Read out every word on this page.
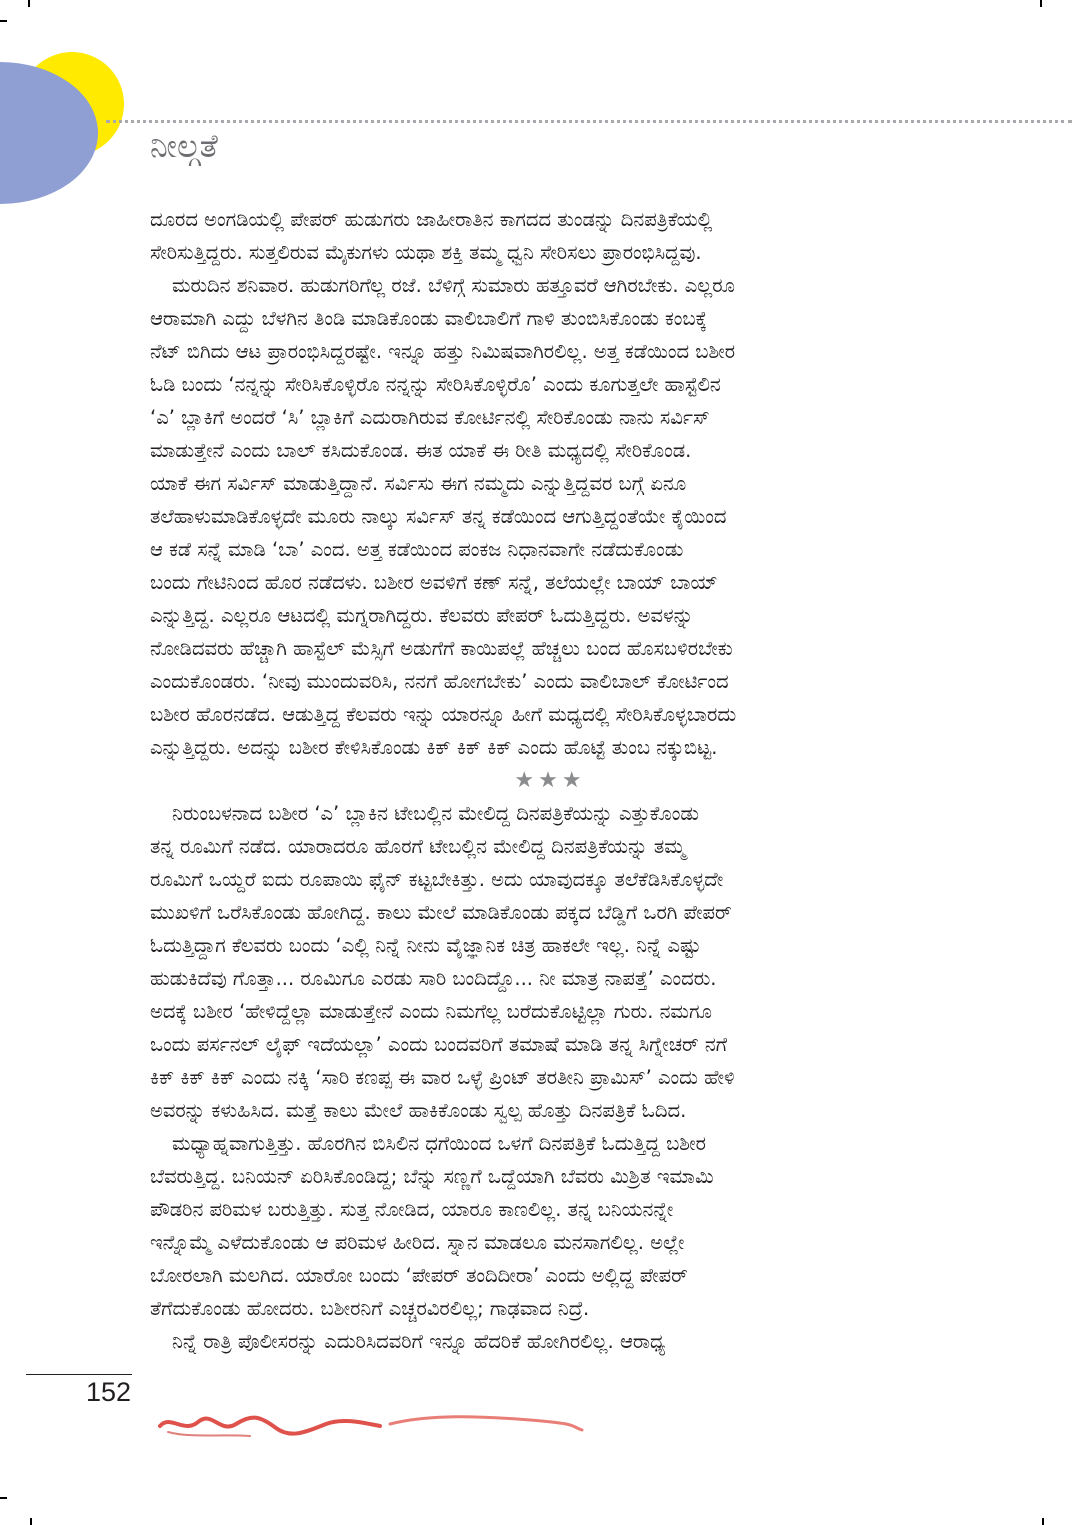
ನೀಲ್ಗತೆ
ದೂರದ ಅಂಗಡಿಯಲ್ಲಿ ಪೇಪರ್ ಹುಡುಗರು ಜಾಹೀರಾತಿನ ಕಾಗದದ ತುಂಡನ್ನು ದಿನಪತ್ರಿಕೆಯಲ್ಲಿ
ಸೇರಿಸುತ್ತಿದ್ದರು. ಸುತ್ತಲಿರುವ ಮೈಕುಗಳು ಯಥಾ ಶಕ್ತಿ ತಮ್ಮ ಧ್ವನಿ ಸೇರಿಸಲು ಪ್ರಾರಂಭಿಸಿದ್ದವು.
ಮರುದಿನ ಶನಿವಾರ. ಹುಡುಗರಿಗೆಲ್ಲ ರಜೆ. ಬೆಳಿಗ್ಗೆ ಸುಮಾರು ಹತ್ತೂವರೆ ಆಗಿರಬೇಕು. ಎಲ್ಲರೂ
ಆರಾಮಾಗಿ ಎದ್ದು ಬೆಳಗಿನ ತಿಂಡಿ ಮಾಡಿಕೊಂಡು ವಾಲಿಬಾಲಿಗೆ ಗಾಳಿ ತುಂಬಿಸಿಕೊಂಡು ಕಂಬಕ್ಕೆ
ನೆಟ್ ಬಿಗಿದು ಆಟ ಪ್ರಾರಂಭಿಸಿದ್ದರಷ್ಟೇ. ಇನ್ನೂ ಹತ್ತು ನಿಮಿಷವಾಗಿರಲಿಲ್ಲ. ಅತ್ತ ಕಡೆಯಿಂದ ಬಶೀರ
ಓಡಿ ಬಂದು ‘ನನ್ನನ್ನು ಸೇರಿಸಿಕೊಳ್ಳಿರೊ ನನ್ನನ್ನು ಸೇರಿಸಿಕೊಳ್ಳಿರೊ’ ಎಂದು ಕೂಗುತ್ತಲೇ ಹಾಸ್ಟೆಲಿನ
‘ಎ’ ಬ್ಲಾಕಿಗೆ ಅಂದರೆ ‘ಸಿ’ ಬ್ಲಾಕಿಗೆ ಎದುರಾಗಿರುವ ಕೋರ್ಟಿನಲ್ಲಿ ಸೇರಿಕೊಂಡು ನಾನು ಸರ್ವಿಸ್
ಮಾಡುತ್ತೇನೆ ಎಂದು ಬಾಲ್ ಕಸಿದುಕೊಂಡ. ಈತ ಯಾಕೆ ಈ ರೀತಿ ಮಧ್ಯದಲ್ಲಿ ಸೇರಿಕೊಂಡ.
ಯಾಕೆ ಈಗ ಸರ್ವಿಸ್ ಮಾಡುತ್ತಿದ್ದಾನೆ. ಸರ್ವಿಸು ಈಗ ನಮ್ಮದು ಎನ್ನುತ್ತಿದ್ದವರ ಬಗ್ಗೆ ಏನೂ
ತಲೆಹಾಳುಮಾಡಿಕೊಳ್ಳದೇ ಮೂರು ನಾಲ್ಕು ಸರ್ವಿಸ್ ತನ್ನ ಕಡೆಯಿಂದ ಆಗುತ್ತಿದ್ದಂತೆಯೇ ಕೈಯಿಂದ
ಆ ಕಡೆ ಸನ್ನೆ ಮಾಡಿ ‘ಬಾ’ ಎಂದ. ಅತ್ತ ಕಡೆಯಿಂದ ಪಂಕಜ ನಿಧಾನವಾಗೇ ನಡೆದುಕೊಂಡು
ಬಂದು ಗೇಟಿನಿಂದ ಹೊರ ನಡೆದಳು. ಬಶೀರ ಅವಳಿಗೆ ಕಣ್ ಸನ್ನೆ, ತಲೆಯಲ್ಲೇ ಬಾಯ್ ಬಾಯ್
ಎನ್ನುತ್ತಿದ್ದ. ಎಲ್ಲರೂ ಆಟದಲ್ಲಿ ಮಗ್ನರಾಗಿದ್ದರು. ಕೆಲವರು ಪೇಪರ್ ಓದುತ್ತಿದ್ದರು. ಅವಳನ್ನು
ನೋಡಿದವರು ಹೆಚ್ಚಾಗಿ ಹಾಸ್ಟೆಲ್ ಮೆಸ್ಸಿಗೆ ಅಡುಗೆಗೆ ಕಾಯಿಪಲ್ಲೆ ಹೆಚ್ಚಲು ಬಂದ ಹೊಸಬಳಿರಬೇಕು
ಎಂದುಕೊಂಡರು. ‘ನೀವು ಮುಂದುವರಿಸಿ, ನನಗೆ ಹೋಗಬೇಕು’ ಎಂದು ವಾಲಿಬಾಲ್ ಕೋರ್ಟಿಂದ
ಬಶೀರ ಹೊರನಡೆದ. ಆಡುತ್ತಿದ್ದ ಕೆಲವರು ಇನ್ನು ಯಾರನ್ನೂ ಹೀಗೆ ಮಧ್ಯದಲ್ಲಿ ಸೇರಿಸಿಕೊಳ್ಳಬಾರದು
ಎನ್ನುತ್ತಿದ್ದರು. ಅದನ್ನು ಬಶೀರ ಕೇಳಿಸಿಕೊಂಡು ಕಿಕ್ ಕಿಕ್ ಕಿಕ್ ಎಂದು ಹೊಟ್ಟೆ ತುಂಬ ನಕ್ಕುಬಿಟ್ಟ.
★★★
ನಿರುಂಬಳನಾದ ಬಶೀರ ‘ಎ’ ಬ್ಲಾಕಿನ ಟೇಬಲ್ಲಿನ ಮೇಲಿದ್ದ ದಿನಪತ್ರಿಕೆಯನ್ನು ಎತ್ತುಕೊಂಡು
ತನ್ನ ರೂಮಿಗೆ ನಡೆದ. ಯಾರಾದರೂ ಹೊರಗೆ ಟೇಬಲ್ಲಿನ ಮೇಲಿದ್ದ ದಿನಪತ್ರಿಕೆಯನ್ನು ತಮ್ಮ
ರೂಮಿಗೆ ಒಯ್ದರೆ ಐದು ರೂಪಾಯಿ ಫೈನ್ ಕಟ್ಟಬೇಕಿತ್ತು. ಅದು ಯಾವುದಕ್ಕೂ ತಲೆಕೆಡಿಸಿಕೊಳ್ಳದೇ
ಮುಖಳಿಗೆ ಒರೆಸಿಕೊಂಡು ಹೋಗಿದ್ದ. ಕಾಲು ಮೇಲೆ ಮಾಡಿಕೊಂಡು ಪಕ್ಕದ ಬೆಡ್ಡಿಗೆ ಒರಗಿ ಪೇಪರ್
ಓದುತ್ತಿದ್ದಾಗ ಕೆಲವರು ಬಂದು ‘ಎಲ್ಲಿ ನಿನ್ನೆ ನೀನು ವೈಜ್ಞಾನಿಕ ಚಿತ್ರ ಹಾಕಲೇ ಇಲ್ಲ. ನಿನ್ನೆ ಎಷ್ಟು
ಹುಡುಕಿದೆವು ಗೊತ್ತಾ... ರೂಮಿಗೂ ಎರಡು ಸಾರಿ ಬಂದಿದ್ದೊ... ನೀ ಮಾತ್ರ ನಾಪತ್ತೆ’ ಎಂದರು.
ಅದಕ್ಕೆ ಬಶೀರ ‘ಹೇಳಿದ್ದೆಲ್ಲಾ ಮಾಡುತ್ತೇನೆ ಎಂದು ನಿಮಗೆಲ್ಲ ಬರೆದುಕೊಟ್ಟಿಲ್ಲಾ ಗುರು. ನಮಗೂ
ಒಂದು ಪರ್ಸನಲ್ ಲೈಫ್ ಇದೆಯಲ್ಲಾ’ ಎಂದು ಬಂದವರಿಗೆ ತಮಾಷೆ ಮಾಡಿ ತನ್ನ ಸಿಗ್ನೇಚರ್ ನಗೆ
ಕಿಕ್ ಕಿಕ್ ಕಿಕ್ ಎಂದು ನಕ್ಕಿ ‘ಸಾರಿ ಕಣಪ್ಪ ಈ ವಾರ ಒಳ್ಳೆ ಪ್ರಿಂಟ್ ತರತೀನಿ ಪ್ರಾಮಿಸ್’ ಎಂದು ಹೇಳಿ
ಅವರನ್ನು ಕಳುಹಿಸಿದ. ಮತ್ತೆ ಕಾಲು ಮೇಲೆ ಹಾಕಿಕೊಂಡು ಸ್ವಲ್ಪ ಹೊತ್ತು ದಿನಪತ್ರಿಕೆ ಓದಿದ.
ಮಧ್ಯಾಹ್ನವಾಗುತ್ತಿತ್ತು. ಹೊರಗಿನ ಬಿಸಿಲಿನ ಧಗೆಯಿಂದ ಒಳಗೆ ದಿನಪತ್ರಿಕೆ ಓದುತ್ತಿದ್ದ ಬಶೀರ
ಬೆವರುತ್ತಿದ್ದ. ಬನಿಯನ್ ಏರಿಸಿಕೊಂಡಿದ್ದ; ಬೆನ್ನು ಸಣ್ಣಗೆ ಒದ್ದೆಯಾಗಿ ಬೆವರು ಮಿಶ್ರಿತ ಇಮಾಮಿ
ಪೌಡರಿನ ಪರಿಮಳ ಬರುತ್ತಿತ್ತು. ಸುತ್ತ ನೋಡಿದ, ಯಾರೂ ಕಾಣಲಿಲ್ಲ. ತನ್ನ ಬನಿಯನನ್ನೇ
ಇನ್ನೊಮ್ಮೆ ಎಳೆದುಕೊಂಡು ಆ ಪರಿಮಳ ಹೀರಿದ. ಸ್ನಾನ ಮಾಡಲೂ ಮನಸಾಗಲಿಲ್ಲ. ಅಲ್ಲೇ
ಬೋರಲಾಗಿ ಮಲಗಿದ. ಯಾರೋ ಬಂದು ‘ಪೇಪರ್ ತಂದಿದೀರಾ’ ಎಂದು ಅಲ್ಲಿದ್ದ ಪೇಪರ್
ತೆಗೆದುಕೊಂಡು ಹೋದರು. ಬಶೀರನಿಗೆ ಎಚ್ಚರವಿರಲಿಲ್ಲ; ಗಾಢವಾದ ನಿದ್ರೆ.
ನಿನ್ನೆ ರಾತ್ರಿ ಪೊಲೀಸರನ್ನು ಎದುರಿಸಿದವರಿಗೆ ಇನ್ನೂ ಹೆದರಿಕೆ ಹೋಗಿರಲಿಲ್ಲ. ಆರಾಧ್ಯ
152
